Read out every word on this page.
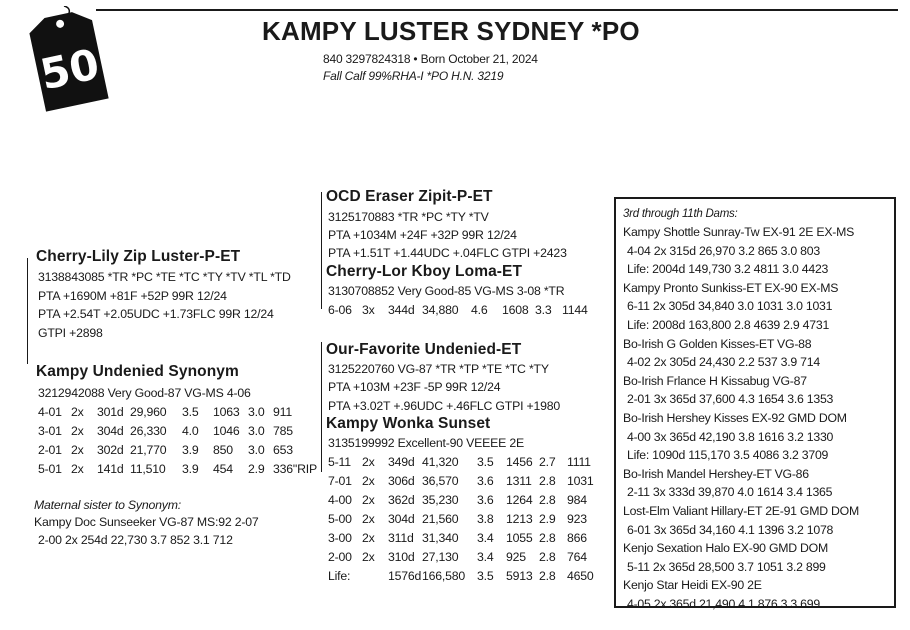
50
KAMPY LUSTER SYDNEY *PO
840 3297824318 • Born October 21, 2024
Fall Calf 99%RHA-I *PO H.N. 3219
Cherry-Lily Zip Luster-P-ET
3138843085 *TR *PC *TE *TC *TY *TV *TL *TD
PTA +1690M +81F +52P 99R 12/24
PTA +2.54T +2.05UDC +1.73FLC 99R 12/24
GTPI +2898
OCD Eraser Zipit-P-ET
3125170883 *TR *PC *TY *TV
PTA +1034M +24F +32P 99R 12/24
PTA +1.51T +1.44UDC +.04FLC GTPI +2423
Cherry-Lor Kboy Loma-ET
3130708852 Very Good-85 VG-MS 3-08 *TR
6-06 3x 344d 34,880 4.6 1608 3.3 1144
Kampy Undenied Synonym
3212942088 Very Good-87 VG-MS 4-06
4-01 2x 301d 29,960 3.5 1063 3.0 911
3-01 2x 304d 26,330 4.0 1046 3.0 785
2-01 2x 302d 21,770 3.9 850 3.0 653
5-01 2x 141d 11,510 3.9 454 2.9 336"RIP
Maternal sister to Synonym:
Kampy Doc Sunseeker VG-87 MS:92 2-07
2-00 2x 254d 22,730 3.7 852 3.1 712
Our-Favorite Undenied-ET
3125220760 VG-87 *TR *TP *TE *TC *TY
PTA +103M +23F -5P 99R 12/24
PTA +3.02T +.96UDC +.46FLC GTPI +1980
Kampy Wonka Sunset
3135199992 Excellent-90 VEEEE 2E
5-11 2x 349d 41,320 3.5 1456 2.7 1111
7-01 2x 306d 36,570 3.6 1311 2.8 1031
4-00 2x 362d 35,230 3.6 1264 2.8 984
5-00 2x 304d 21,560 3.8 1213 2.9 923
3-00 2x 311d 31,340 3.4 1055 2.8 866
2-00 2x 310d 27,130 3.4 925 2.8 764
Life:	1576d 166,580 3.5 5913 2.8 4650
3rd through 11th Dams:
Kampy Shottle Sunray-Tw EX-91 2E EX-MS
4-04 2x 315d 26,970 3.2 865 3.0 803
Life: 2004d 149,730 3.2 4811 3.0 4423
Kampy Pronto Sunkiss-ET EX-90 EX-MS
6-11 2x 305d 34,840 3.0 1031 3.0 1031
Life: 2008d 163,800 2.8 4639 2.9 4731
Bo-Irish G Golden Kisses-ET VG-88
4-02 2x 305d 24,430 2.2 537 3.9 714
Bo-Irish Frlance H Kissabug VG-87
2-01 3x 365d 37,600 4.3 1654 3.6 1353
Bo-Irish Hershey Kisses EX-92 GMD DOM
4-00 3x 365d 42,190 3.8 1616 3.2 1330
Life: 1090d 115,170 3.5 4086 3.2 3709
Bo-Irish Mandel Hershey-ET VG-86
2-11 3x 333d 39,870 4.0 1614 3.4 1365
Lost-Elm Valiant Hillary-ET 2E-91 GMD DOM
6-01 3x 365d 34,160 4.1 1396 3.2 1078
Kenjo Sexation Halo EX-90 GMD DOM
5-11 2x 365d 28,500 3.7 1051 3.2 899
Kenjo Star Heidi EX-90 2E
4-05 2x 365d 21,490 4.1 876 3.3 699
